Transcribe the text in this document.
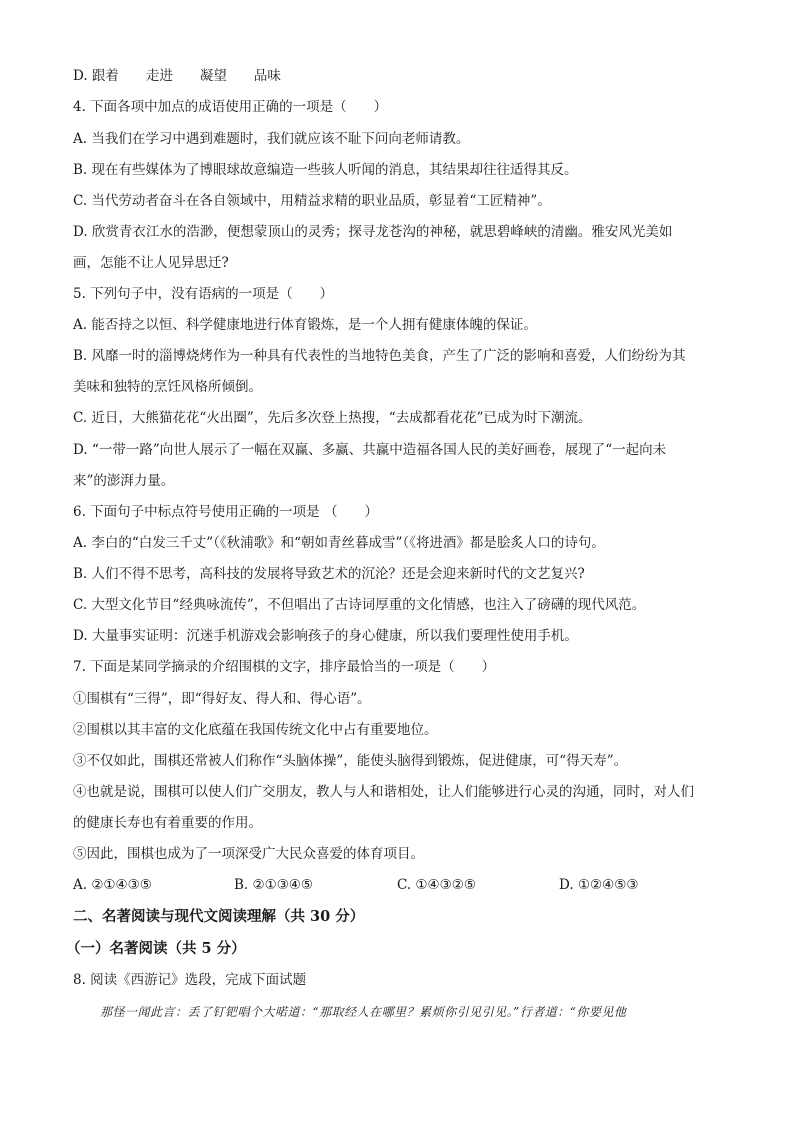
D. 跟着　　走进　　凝望　　品味
4. 下面各项中加点的成语使用正确的一项是（　　）
A. 当我们在学习中遇到难题时，我们就应该不耻下问向老师请教。
B. 现在有些媒体为了博眼球故意编造一些骇人听闻的消息，其结果却往往适得其反。
C. 当代劳动者奋斗在各自领域中，用精益求精的职业品质，彰显着“工匠精神”。
D. 欣赏青衣江水的浩渺，便想蒙顶山的灵秀；探寻龙苍沟的神秘，就思碧峰峡的清幽。雅安风光美如
画，怎能不让人见异思迁?
5. 下列句子中，没有语病的一项是（　　）
A. 能否持之以恒、科学健康地进行体育锻炼，是一个人拥有健康体魄的保证。
B. 风靡一时的淄博烧烤作为一种具有代表性的当地特色美食，产生了广泛的影响和喜爱，人们纷纷为其
美味和独特的烹饪风格所倾倒。
C. 近日，大熊猫花花“火出圈”，先后多次登上热搜，“去成都看花花”已成为时下潮流。
D. “一带一路”向世人展示了一幅在双赢、多赢、共赢中造福各国人民的美好画卷，展现了“一起向未
来”的澎湃力量。
6. 下面句子中标点符号使用正确的一项是 （　　）
A. 李白的“白发三千丈”（《秋浦歌》和“朝如青丝暮成雪”（《将进酒》都是脍炙人口的诗句。
B. 人们不得不思考，高科技的发展将导致艺术的沉沦？还是会迎来新时代的文艺复兴?
C. 大型文化节目“经典咏流传”，不但唱出了古诗词厚重的文化情感，也注入了磅礴的现代风范。
D. 大量事实证明：沉迷手机游戏会影响孩子的身心健康，所以我们要理性使用手机。
7. 下面是某同学摘录的介绍围棋的文字，排序最恰当的一项是（　　）
①围棋有“三得”，即“得好友、得人和、得心语”。
②围棋以其丰富的文化底蕴在我国传统文化中占有重要地位。
③不仅如此，围棋还常被人们称作“头脑体操”，能使头脑得到锻炼，促进健康，可“得天寿”。
④也就是说，围棋可以使人们广交朋友，教人与人和谐相处，让人们能够进行心灵的沟通，同时，对人们
的健康长寿也有着重要的作用。
⑤因此，围棋也成为了一项深受广大民众喜爱的体育项目。
A. ②①④③⑤	B. ②①③④⑤	C. ①④③②⑤	D. ①②④⑤③
二、名著阅读与现代文阅读理解（共 30 分）
（一）名著阅读（共 5 分）
8. 阅读《西游记》选段，完成下面试题
那怪一闻此言：丢了钉钯唱个大喏道：“那取经人在哪里？累烦你引见引见。”行者道：“你要见他
